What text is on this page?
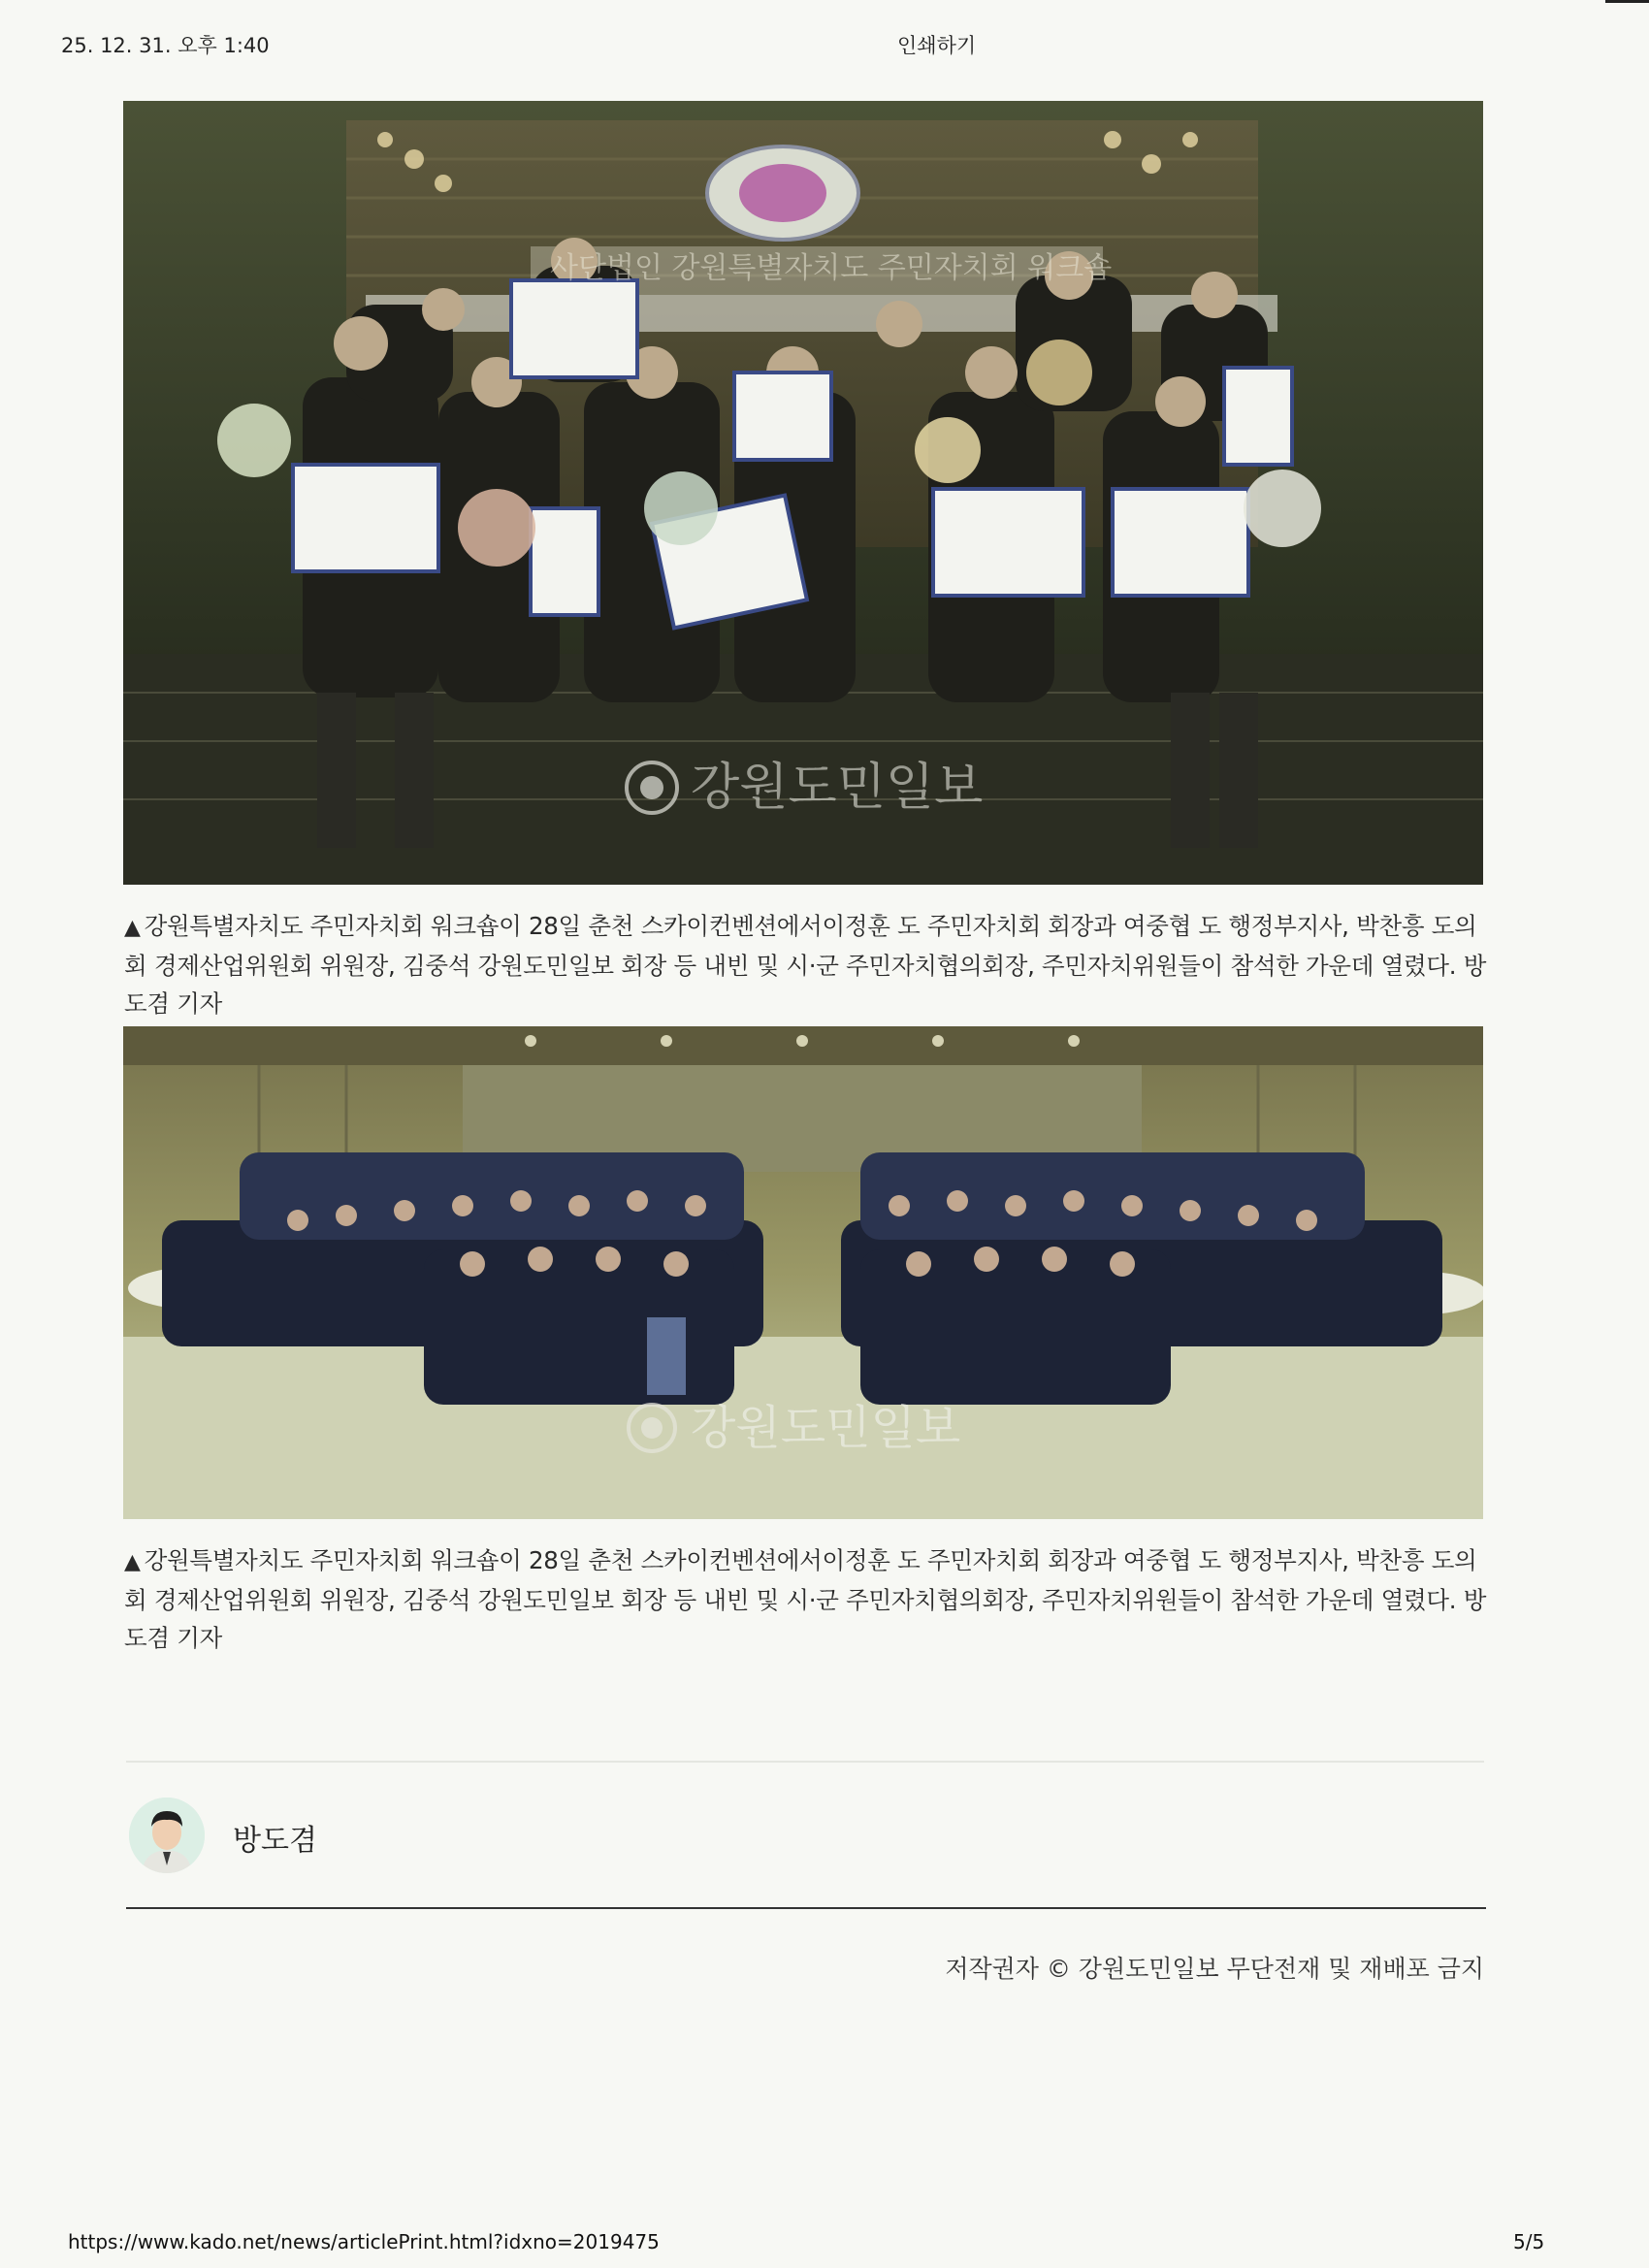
25. 12. 31. 오후 1:40	인쇄하기
강원도민일보
사단법인 강원특별자치도 주민자치회 워크숍
▲ 강원특별자치도 주민자치회 워크숍이 28일 춘천 스카이컨벤션에서이정훈 도 주민자치회 회장과 여중협 도 행정부지사, 박찬흥 도의회 경제산업위원회 위원장, 김중석 강원도민일보 회장 등 내빈 및 시·군 주민자치협의회장, 주민자치위원들이 참석한 가운데 열렸다. 방도겸 기자
강원도민일보
▲ 강원특별자치도 주민자치회 워크숍이 28일 춘천 스카이컨벤션에서이정훈 도 주민자치회 회장과 여중협 도 행정부지사, 박찬흥 도의회 경제산업위원회 위원장, 김중석 강원도민일보 회장 등 내빈 및 시·군 주민자치협의회장, 주민자치위원들이 참석한 가운데 열렸다. 방도겸 기자
방도겸
저작권자 © 강원도민일보 무단전재 및 재배포 금지
https://www.kado.net/news/articlePrint.html?idxno=2019475	5/5
